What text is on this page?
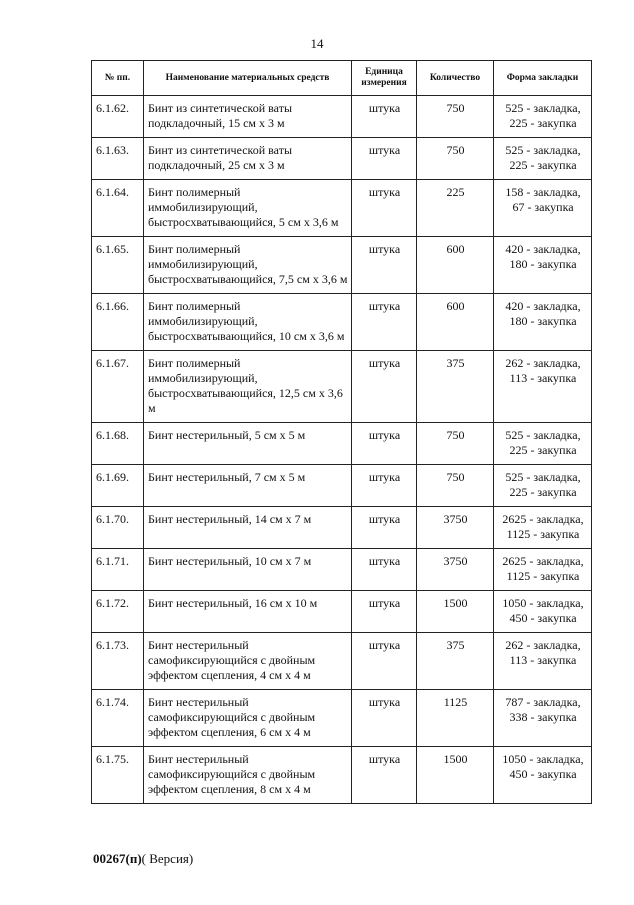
14
№ пп.	Наименование материальных средств	Единица измерения	Количество	Форма закладки
6.1.62.	Бинт из синтетической ваты подкладочный, 15 см х 3 м	штука	750	525 - закладка,
225 - закупка

6.1.63.	Бинт из синтетической ваты подкладочный, 25 см х 3 м	штука	750	525 - закладка,
225 - закупка

6.1.64.	Бинт полимерный иммобилизирующий, быстросхватывающийся, 5 см х 3,6 м	штука	225	158 - закладка,
67 - закупка

6.1.65.	Бинт полимерный иммобилизирующий, быстросхватывающийся, 7,5 см х 3,6 м	штука	600	420 - закладка,
180 - закупка

6.1.66.	Бинт полимерный иммобилизирующий, быстросхватывающийся, 10 см х 3,6 м	штука	600	420 - закладка,
180 - закупка

6.1.67.	Бинт полимерный иммобилизирующий, быстросхватывающийся, 12,5 см х 3,6 м	штука	375	262 - закладка,
113 - закупка

6.1.68.	Бинт нестерильный, 5 см х 5 м	штука	750	525 - закладка,
225 - закупка

6.1.69.	Бинт нестерильный, 7 см х 5 м	штука	750	525 - закладка,
225 - закупка

6.1.70.	Бинт нестерильный, 14 см х 7 м	штука	3750	2625 - закладка,
1125 - закупка

6.1.71.	Бинт нестерильный, 10 см х 7 м	штука	3750	2625 - закладка,
1125 - закупка

6.1.72.	Бинт нестерильный, 16 см х 10 м	штука	1500	1050 - закладка,
450 - закупка

6.1.73.	Бинт нестерильный самофиксирующийся с двойным эффектом сцепления, 4 см х 4 м	штука	375	262 - закладка,
113 - закупка

6.1.74.	Бинт нестерильный самофиксирующийся с двойным эффектом сцепления, 6 см х 4 м	штука	1125	787 - закладка,
338 - закупка

6.1.75.	Бинт нестерильный самофиксирующийся с двойным эффектом сцепления, 8 см х 4 м	штука	1500	1050 - закладка,
450 - закупка
00267(п)( Версия)
